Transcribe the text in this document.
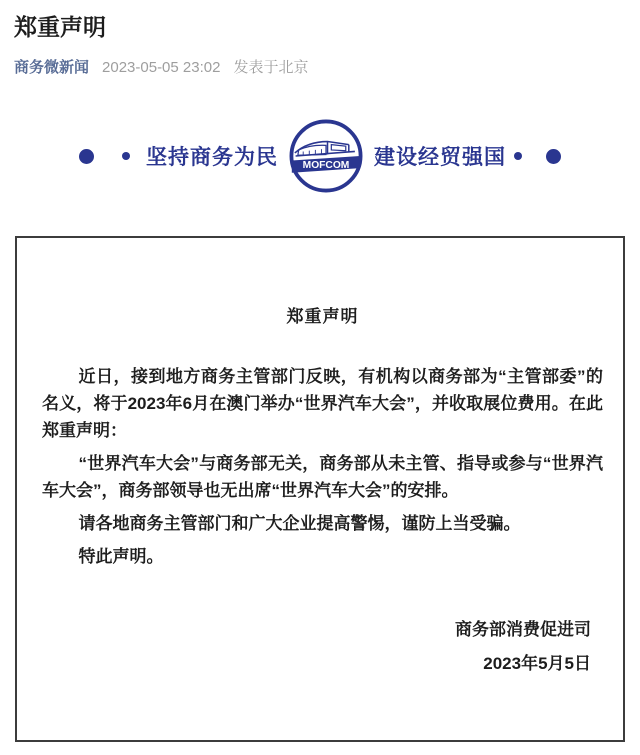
郑重声明
商务微新闻 2023-05-05 23:02 发表于北京
坚持商务为民 MOFCOM 建设经贸强国
郑重声明

近日，接到地方商务主管部门反映，有机构以商务部为“主管部委”的名义，将于2023年6月在澳门举办“世界汽车大会”，并收取展位费用。在此郑重声明：

“世界汽车大会”与商务部无关，商务部从未主管、指导或参与“世界汽车大会”，商务部领导也无出席“世界汽车大会”的安排。

请各地商务主管部门和广大企业提高警惕，谨防上当受骗。

特此声明。

商务部消费促进司
2023年5月5日
